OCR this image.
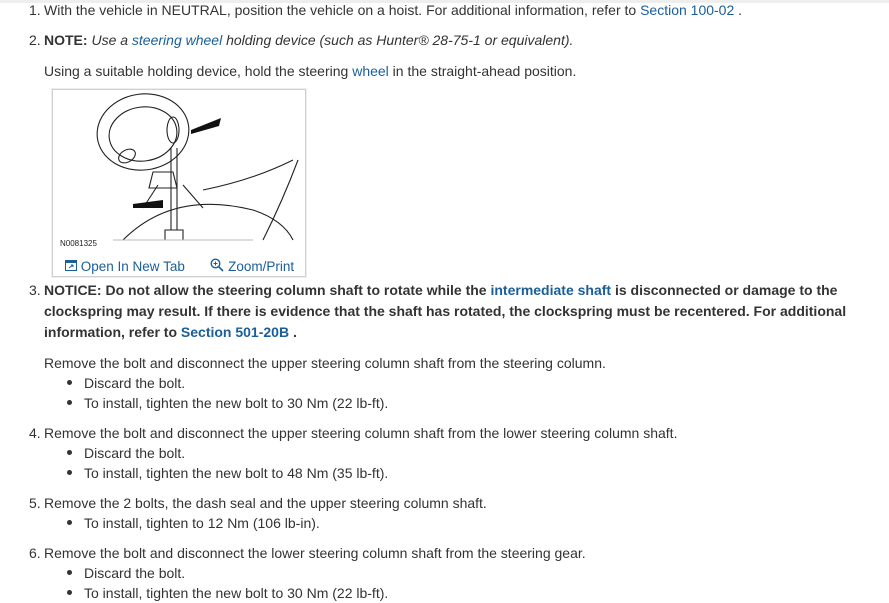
1. With the vehicle in NEUTRAL, position the vehicle on a hoist. For additional information, refer to Section 100-02 .
2. NOTE: Use a steering wheel holding device (such as Hunter® 28-75-1 or equivalent).
Using a suitable holding device, hold the steering wheel in the straight-ahead position.
N0081325
Open In New Tab	Zoom/Print
3. NOTICE: Do not allow the steering column shaft to rotate while the intermediate shaft is disconnected or damage to the
clockspring may result. If there is evidence that the shaft has rotated, the clockspring must be recentered. For additional
information, refer to Section 501-20B .
Remove the bolt and disconnect the upper steering column shaft from the steering column.
Discard the bolt.
To install, tighten the new bolt to 30 Nm (22 lb-ft).
4. Remove the bolt and disconnect the upper steering column shaft from the lower steering column shaft.
Discard the bolt.
To install, tighten the new bolt to 48 Nm (35 lb-ft).
5. Remove the 2 bolts, the dash seal and the upper steering column shaft.
To install, tighten to 12 Nm (106 lb-in).
6. Remove the bolt and disconnect the lower steering column shaft from the steering gear.
Discard the bolt.
To install, tighten the new bolt to 30 Nm (22 lb-ft).
